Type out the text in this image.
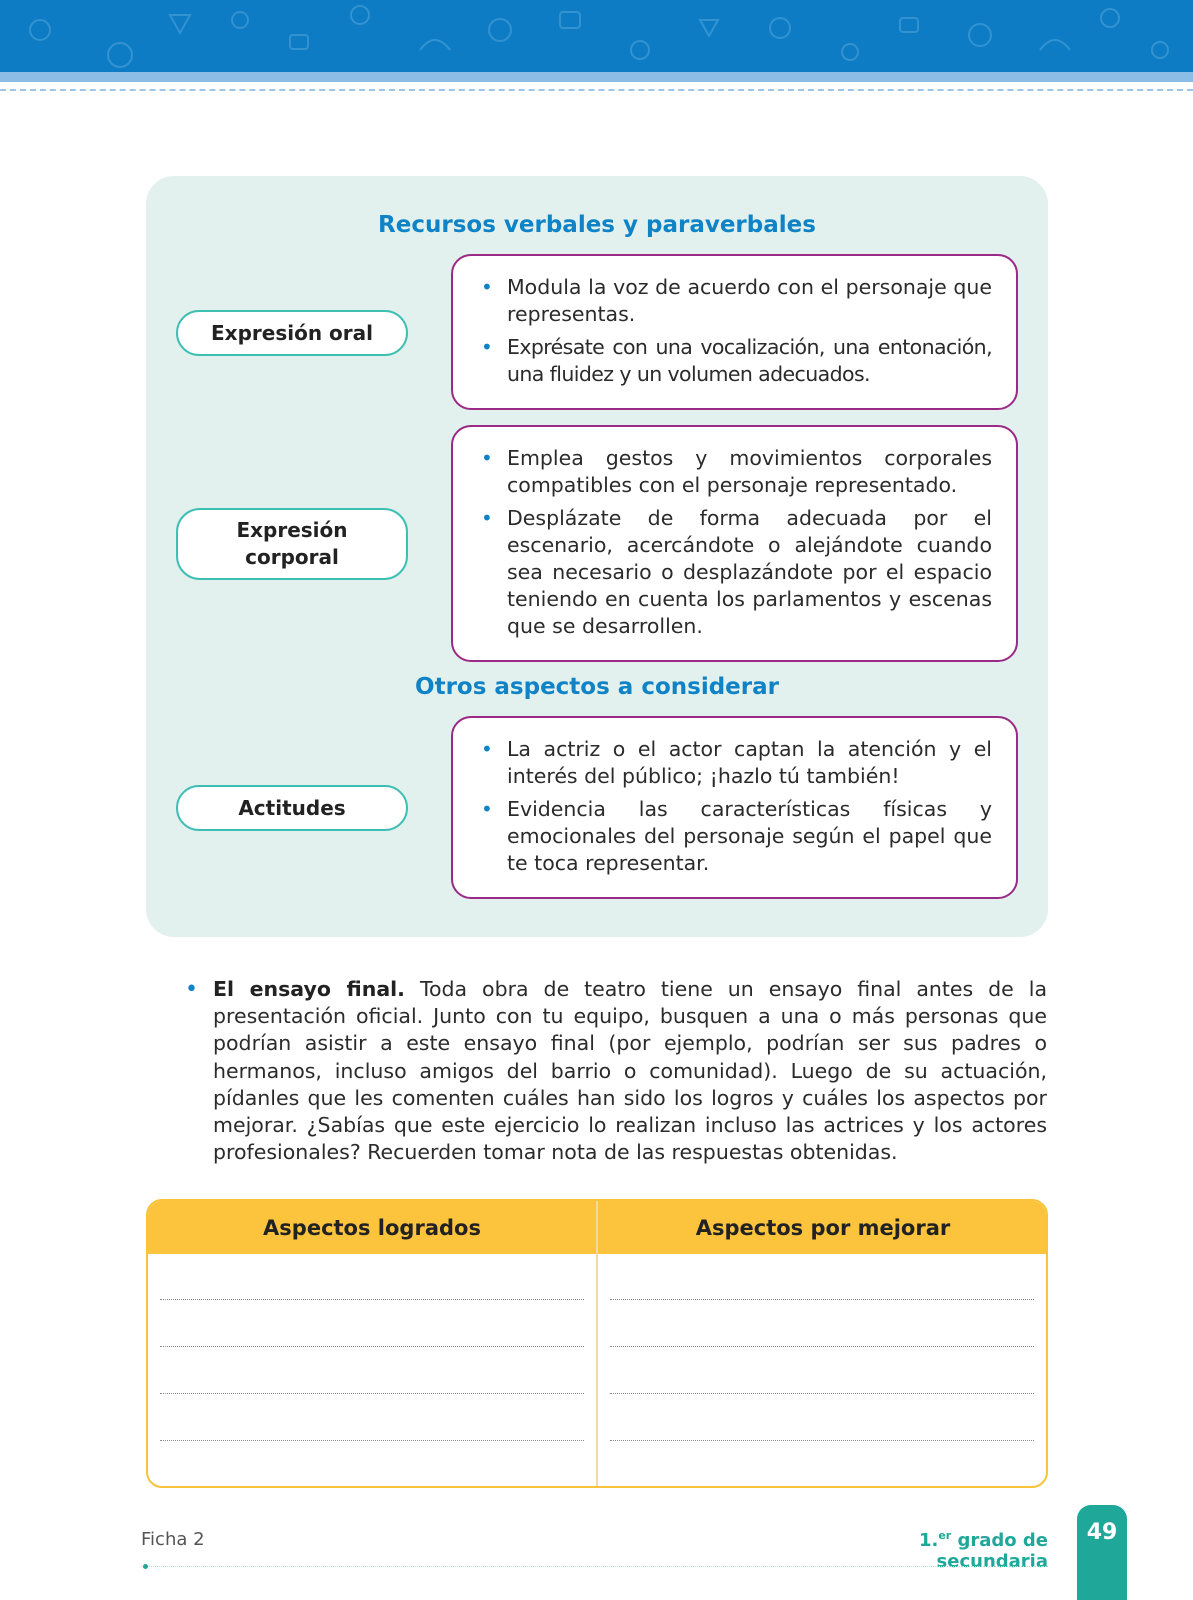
Recursos verbales y paraverbales
Expresión oral
• Modula la voz de acuerdo con el personaje que representas.
• Exprésate con una vocalización, una entonación, una fluidez y un volumen adecuados.
Expresión
corporal
• Emplea gestos y movimientos corporales compatibles con el personaje representado.
• Desplázate de forma adecuada por el escenario, acercándote o alejándote cuando sea necesario o desplazándote por el espacio teniendo en cuenta los parlamentos y escenas que se desarrollen.
Otros aspectos a considerar
Actitudes
• La actriz o el actor captan la atención y el interés del público; ¡hazlo tú también!
• Evidencia las características físicas y emocionales del personaje según el papel que te toca representar.
• El ensayo final. Toda obra de teatro tiene un ensayo final antes de la presentación oficial. Junto con tu equipo, busquen a una o más personas que podrían asistir a este ensayo final (por ejemplo, podrían ser sus padres o hermanos, incluso amigos del barrio o comunidad). Luego de su actuación, pídanles que les comenten cuáles han sido los logros y cuáles los aspectos por mejorar. ¿Sabías que este ejercicio lo realizan incluso las actrices y los actores profesionales? Recuerden tomar nota de las respuestas obtenidas.
Aspectos logrados	Aspectos por mejorar
Ficha 2	1.$^{er}$ grado de secundaria
49
